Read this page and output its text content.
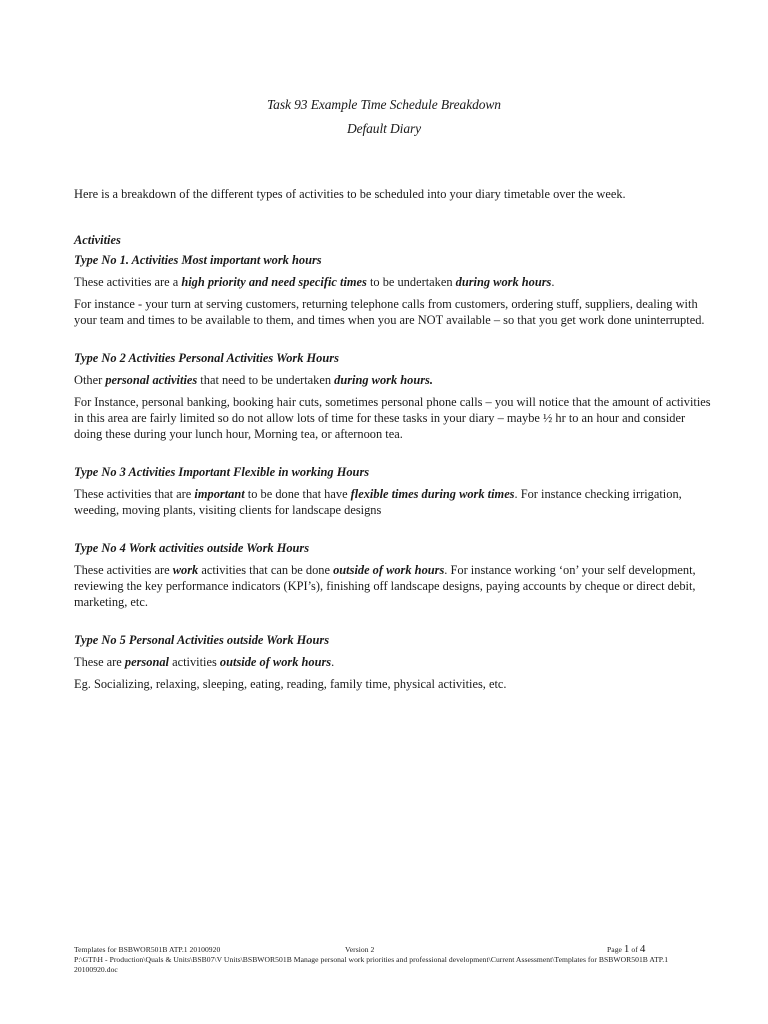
Task 93 Example Time Schedule Breakdown
Default Diary

Here is a breakdown of the different types of activities to be scheduled into your diary timetable over the week.

Activities
Type No 1. Activities Most important work hours

These activities are a high priority and need specific times to be undertaken during work hours.

For instance - your turn at serving customers, returning telephone calls from customers, ordering stuff, suppliers, dealing with your team and times to be available to them, and times when you are NOT available – so that you get work done uninterrupted.

Type No 2 Activities Personal Activities Work Hours

Other personal activities that need to be undertaken during work hours.

For Instance, personal banking, booking hair cuts, sometimes personal phone calls – you will notice that the amount of activities in this area are fairly limited so do not allow lots of time for these tasks in your diary – maybe ½ hr to an hour and consider doing these during your lunch hour, Morning tea, or afternoon tea.

Type No 3 Activities Important Flexible in working Hours

These activities that are important to be done that have flexible times during work times. For instance checking irrigation, weeding, moving plants, visiting clients for landscape designs

Type No 4 Work activities outside Work Hours

These activities are work activities that can be done outside of work hours. For instance working ‘on’ your self development, reviewing the key performance indicators (KPI’s), finishing off landscape designs, paying accounts by cheque or direct debit, marketing, etc.

Type No 5 Personal Activities outside Work Hours

These are personal activities outside of work hours.

Eg. Socializing, relaxing, sleeping, eating, reading, family time, physical activities, etc.

Templates for BSBWOR501B ATP.1 20100920	Version 2	Page 1 of 4
P:\GTI\H - Production\Quals & Units\BSB07\V Units\BSBWOR501B Manage personal work priorities and professional development\Current Assessment\Templates for BSBWOR501B ATP.1 20100920.doc
